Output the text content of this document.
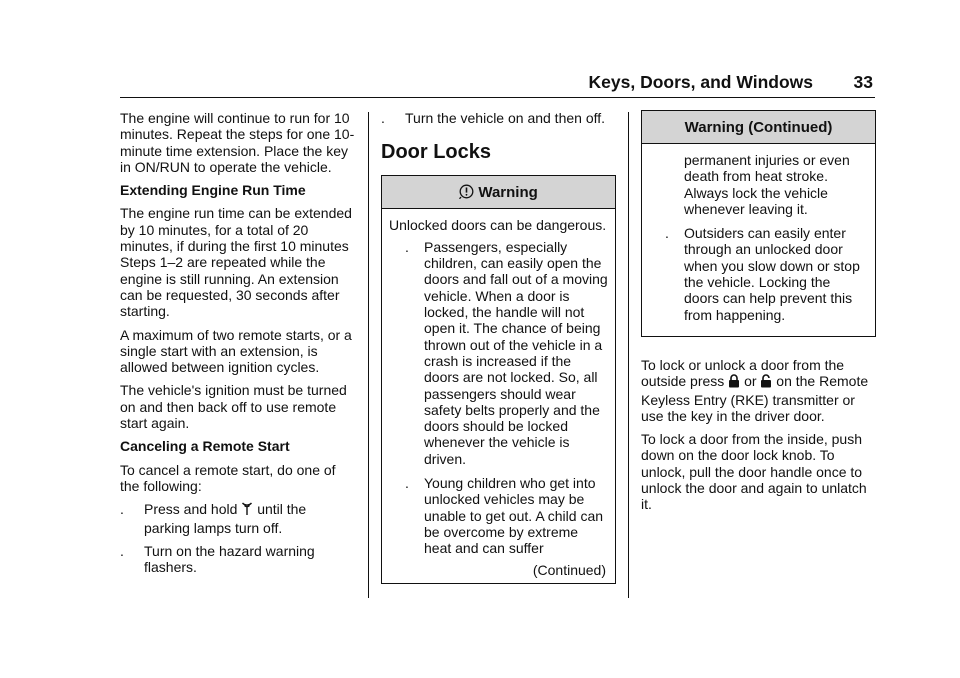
Keys, Doors, and Windows 33

The engine will continue to run for 10 minutes. Repeat the steps for one 10-minute time extension. Place the key in ON/RUN to operate the vehicle.

Extending Engine Run Time

The engine run time can be extended by 10 minutes, for a total of 20 minutes, if during the first 10 minutes Steps 1–2 are repeated while the engine is still running. An extension can be requested, 30 seconds after starting.

A maximum of two remote starts, or a single start with an extension, is allowed between ignition cycles.

The vehicle's ignition must be turned on and then back off to use remote start again.

Canceling a Remote Start

To cancel a remote start, do one of the following:

. Press and hold until the parking lamps turn off.
. Turn on the hazard warning flashers.
. Turn the vehicle on and then off.
Door Locks
Warning

Unlocked doors can be dangerous.

. Passengers, especially children, can easily open the doors and fall out of a moving vehicle. When a door is locked, the handle will not open it. The chance of being thrown out of the vehicle in a crash is increased if the doors are not locked. So, all passengers should wear safety belts properly and the doors should be locked whenever the vehicle is driven.
. Young children who get into unlocked vehicles may be unable to get out. A child can be overcome by extreme heat and can suffer
(Continued)
Warning (Continued)
permanent injuries or even death from heat stroke. Always lock the vehicle whenever leaving it.
. Outsiders can easily enter through an unlocked door when you slow down or stop the vehicle. Locking the doors can help prevent this from happening.

To lock or unlock a door from the outside press or on the Remote Keyless Entry (RKE) transmitter or use the key in the driver door.

To lock a door from the inside, push down on the door lock knob. To unlock, pull the door handle once to unlock the door and again to unlatch it.
